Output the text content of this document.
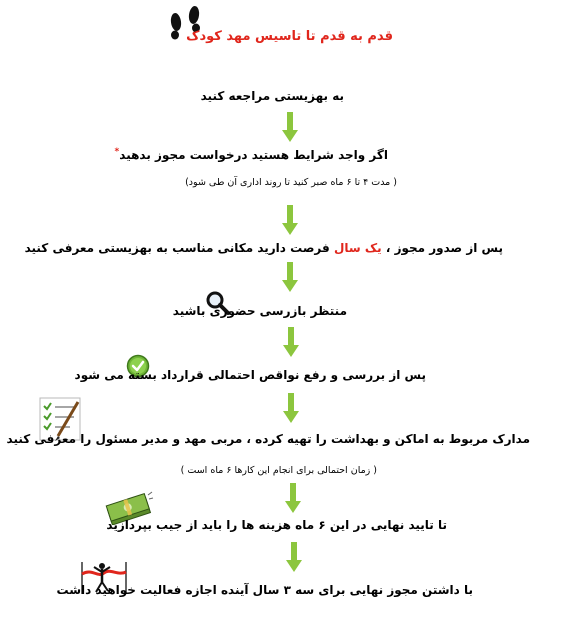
قدم به قدم تا تاسیس مهد کودک
به بهزیستی مراجعه کنید
اگر واجد شرایط هستید درخواست مجوز بدهید*
( مدت ۴ تا ۶ ماه صبر کنید تا روند اداری آن طی شود)
پس از صدور مجوز ، یک سال فرصت دارید مکانی مناسب به بهزیستی معرفی کنید
منتظر بازرسی حضوری باشید
پس از بررسی و رفع نواقص احتمالی قرارداد بسته می شود
مدارک مربوط به اماکن و بهداشت را تهیه کرده ، مربی مهد و مدیر مسئول را معرفی کنید
( زمان احتمالی برای انجام این کارها ۶ ماه است )
تا تایید نهایی در این ۶ ماه هزینه ها را باید از جیب بپردازید
با داشتن مجوز نهایی برای سه ۳ سال آینده اجازه فعالیت خواهید داشت
